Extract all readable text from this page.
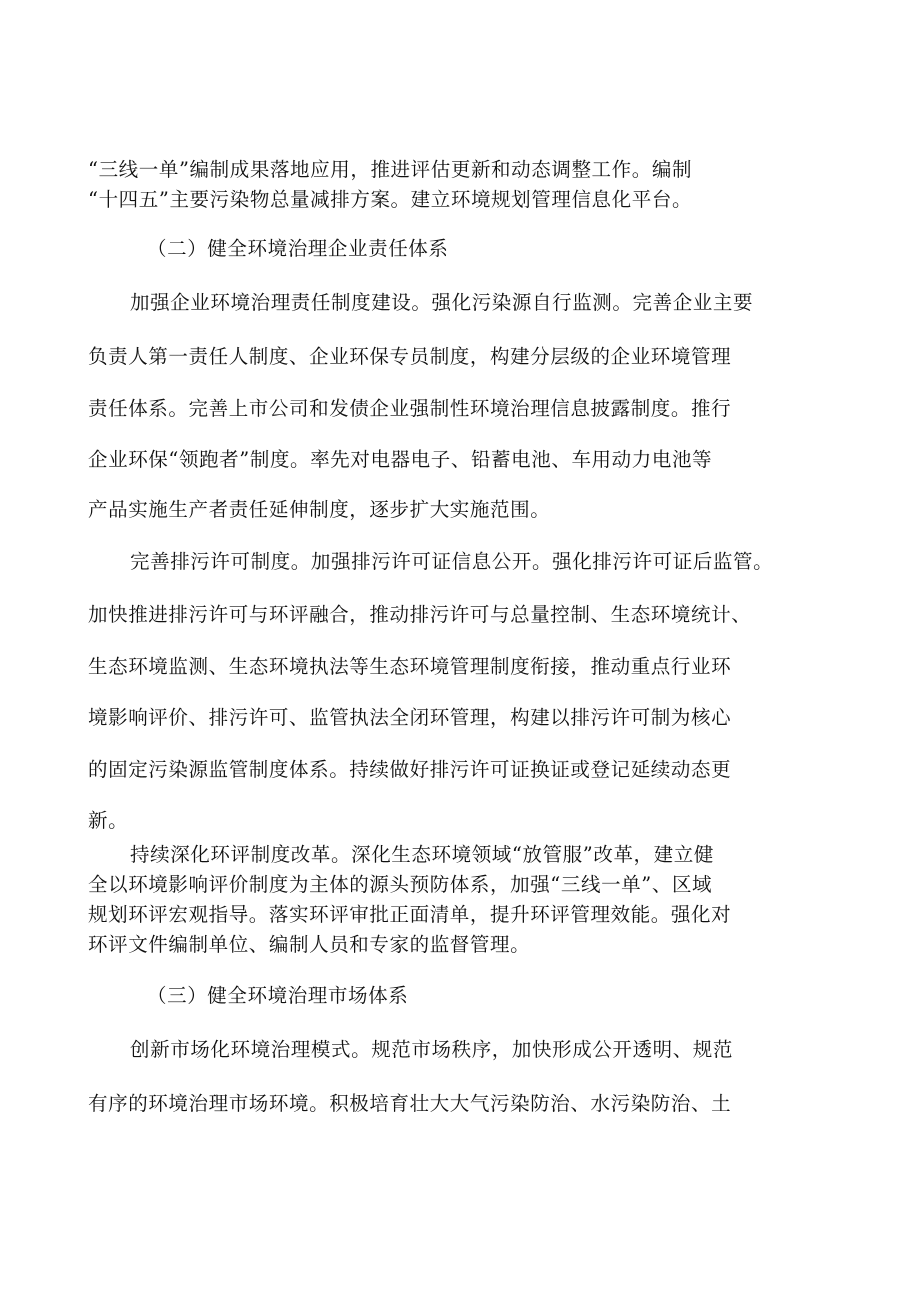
“三线一单”编制成果落地应用，推进评估更新和动态调整工作。编制
“十四五”主要污染物总量减排方案。建立环境规划管理信息化平台。
（二）健全环境治理企业责任体系
加强企业环境治理责任制度建设。强化污染源自行监测。完善企业主要
负责人第一责任人制度、企业环保专员制度，构建分层级的企业环境管理
责任体系。完善上市公司和发债企业强制性环境治理信息披露制度。推行
企业环保“领跑者”制度。率先对电器电子、铅蓄电池、车用动力电池等
产品实施生产者责任延伸制度，逐步扩大实施范围。
完善排污许可制度。加强排污许可证信息公开。强化排污许可证后监管。
加快推进排污许可与环评融合，推动排污许可与总量控制、生态环境统计、
生态环境监测、生态环境执法等生态环境管理制度衔接，推动重点行业环
境影响评价、排污许可、监管执法全闭环管理，构建以排污许可制为核心
的固定污染源监管制度体系。持续做好排污许可证换证或登记延续动态更
新。
持续深化环评制度改革。深化生态环境领域“放管服”改革，建立健
全以环境影响评价制度为主体的源头预防体系，加强“三线一单”、区域
规划环评宏观指导。落实环评审批正面清单，提升环评管理效能。强化对
环评文件编制单位、编制人员和专家的监督管理。
（三）健全环境治理市场体系
创新市场化环境治理模式。规范市场秩序，加快形成公开透明、规范
有序的环境治理市场环境。积极培育壮大大气污染防治、水污染防治、土
